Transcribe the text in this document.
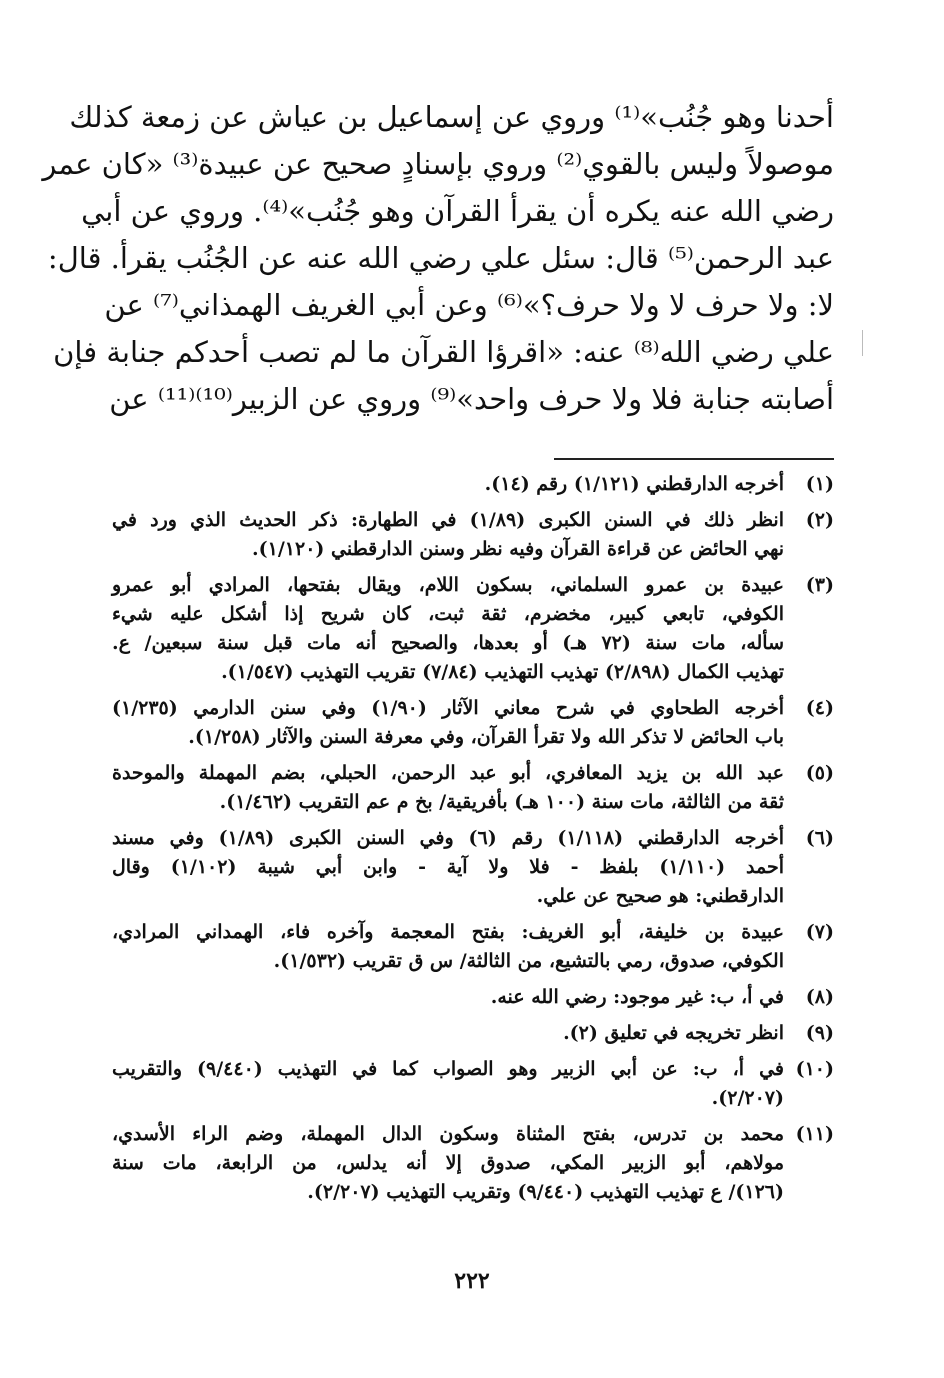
أحدنا وهو جُنُب»⁽¹⁾ وروي عن إسماعيل بن عياش عن زمعة كذلك
موصولاً وليس بالقوي⁽²⁾ وروي بإسنادٍ صحيح عن عبيدة⁽³⁾ «كان عمر
رضي الله عنه يكره أن يقرأ القرآن وهو جُنُب»⁽⁴⁾. وروي عن أبي
عبد الرحمن⁽⁵⁾ قال: سئل علي رضي الله عنه عن الجُنُب يقرأ. قال:
لا: ولا حرف لا ولا حرف؟»⁽⁶⁾ وعن أبي الغريف الهمذاني⁽⁷⁾ عن
علي رضي الله⁽⁸⁾ عنه: «اقرؤا القرآن ما لم تصب أحدكم جنابة فإن
أصابته جنابة فلا ولا حرف واحد»⁽⁹⁾ وروي عن الزبير⁽¹⁰⁾⁽¹¹⁾ عن
(١)
أخرجه الدارقطني (١/١٢١) رقم (١٤).
(٢)
انظر ذلك في السنن الكبرى (١/٨٩) في الطهارة: ذكر الحديث الذي ورد في
نهي الحائض عن قراءة القرآن وفيه نظر وسنن الدارقطني (١/١٢٠).
(٣)
عبيدة بن عمرو السلماني، بسكون اللام، ويقال بفتحها، المرادي أبو عمرو
الكوفي، تابعي كبير، مخضرم، ثقة ثبت، كان شريح إذا أشكل عليه شيء
سأله، مات سنة (٧٢ هـ) أو بعدها، والصحيح أنه مات قبل سنة سبعين/ ع.
تهذيب الكمال (٢/٨٩٨) تهذيب التهذيب (٧/٨٤) تقريب التهذيب (١/٥٤٧).
(٤)
أخرجه الطحاوي في شرح معاني الآثار (١/٩٠) وفي سنن الدارمي (١/٢٣٥)
باب الحائض لا تذكر الله ولا تقرأ القرآن، وفي معرفة السنن والآثار (١/٢٥٨).
(٥)
عبد الله بن يزيد المعافري، أبو عبد الرحمن، الحبلي، بضم المهملة والموحدة
ثقة من الثالثة، مات سنة (١٠٠ هـ) بأفريقية/ بخ م عم التقريب (١/٤٦٢).
(٦)
أخرجه الدارقطني (١/١١٨) رقم (٦) وفي السنن الكبرى (١/٨٩) وفي مسند
أحمد (١/١١٠) بلفظ - فلا ولا آية - وابن أبي شيبة (١/١٠٢) وقال
الدارقطني: هو صحيح عن علي.
(٧)
عبيدة بن خليفة، أبو الغريف: بفتح المعجمة وآخره فاء، الهمداني المرادي،
الكوفي، صدوق، رمي بالتشيع، من الثالثة/ س ق تقريب (١/٥٣٢).
(٨)
في أ، ب: غير موجود: رضي الله عنه.
(٩)
انظر تخريجه في تعليق (٢).
(١٠)
في أ، ب: عن أبي الزبير وهو الصواب كما في التهذيب (٩/٤٤٠) والتقريب
(٢/٢٠٧).
(١١)
محمد بن تدرس، بفتح المثناة وسكون الدال المهملة، وضم الراء الأسدي،
مولاهم، أبو الزبير المكي، صدوق إلا أنه يدلس، من الرابعة، مات سنة
(١٢٦)/ ع تهذيب التهذيب (٩/٤٤٠) وتقريب التهذيب (٢/٢٠٧).
٢٢٢
